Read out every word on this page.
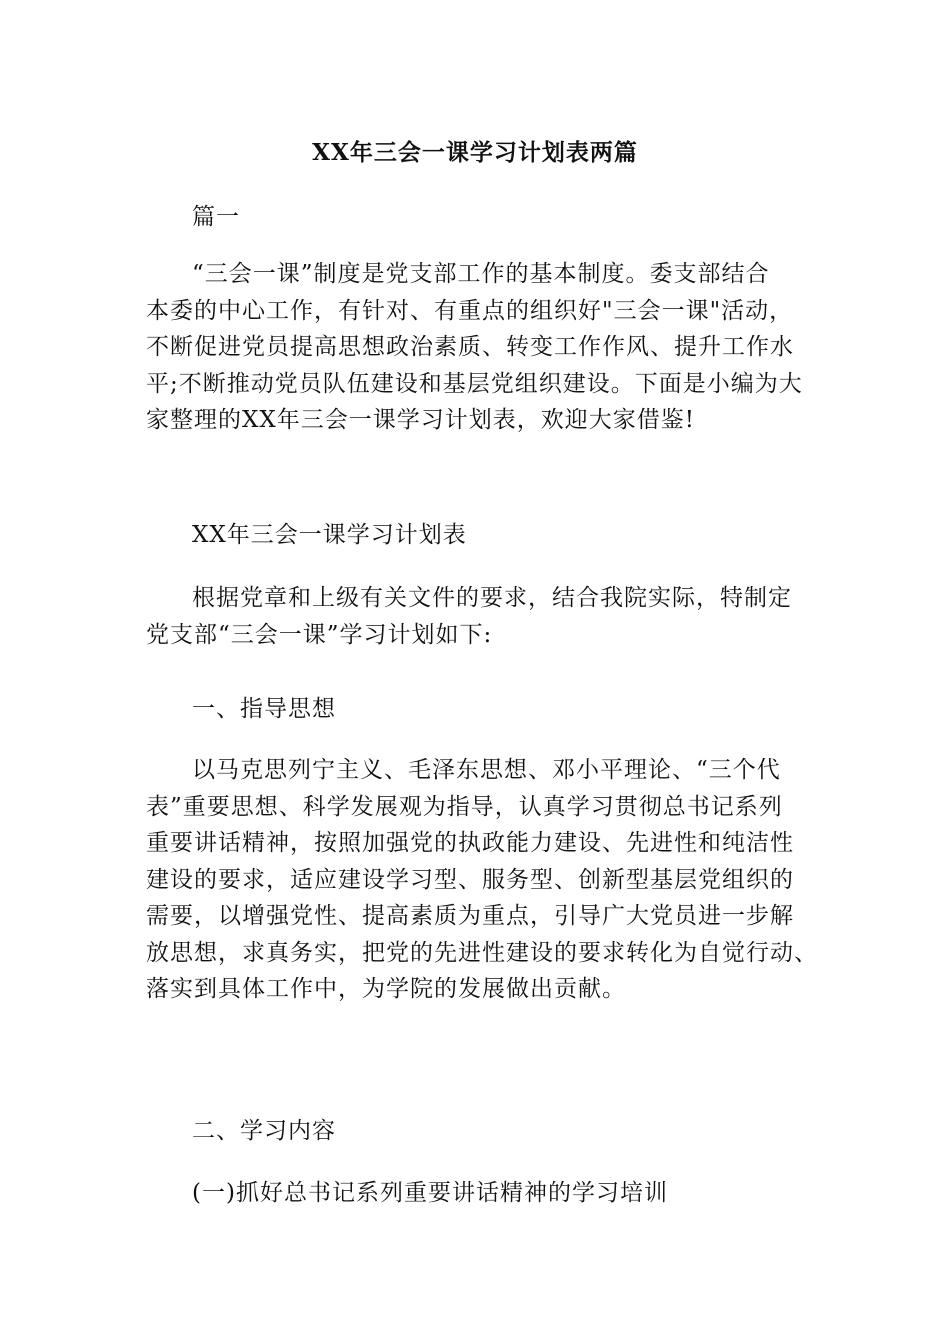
XX年三会一课学习计划表两篇

篇一

“三会一课”制度是党支部工作的基本制度。委支部结合
本委的中心工作，有针对、有重点的组织好"三会一课"活动，
不断促进党员提高思想政治素质、转变工作作风、提升工作水
平;不断推动党员队伍建设和基层党组织建设。下面是小编为大
家整理的XX年三会一课学习计划表，欢迎大家借鉴!

XX年三会一课学习计划表

根据党章和上级有关文件的要求，结合我院实际，特制定
党支部“三会一课”学习计划如下:

一、指导思想

以马克思列宁主义、毛泽东思想、邓小平理论、“三个代
表”重要思想、科学发展观为指导，认真学习贯彻总书记系列
重要讲话精神，按照加强党的执政能力建设、先进性和纯洁性
建设的要求，适应建设学习型、服务型、创新型基层党组织的
需要，以增强党性、提高素质为重点，引导广大党员进一步解
放思想，求真务实，把党的先进性建设的要求转化为自觉行动、
落实到具体工作中，为学院的发展做出贡献。

二、学习内容

(一)抓好总书记系列重要讲话精神的学习培训
